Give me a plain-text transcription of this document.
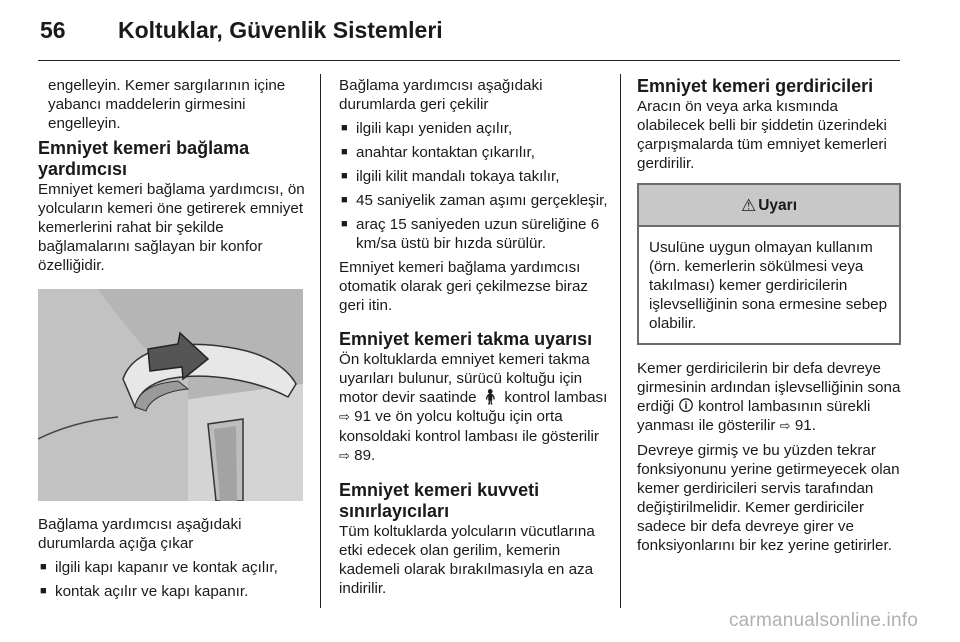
56 Koltuklar, Güvenlik Sistemleri

engelleyin. Kemer sargılarının içine
yabancı maddelerin girmesini
engelleyin.

Emniyet kemeri bağlama yardımcısı

Emniyet kemeri bağlama yardımcısı, ön yolcuların kemeri öne getirerek emniyet kemerlerini rahat bir şekilde bağlamalarını sağlayan bir konfor özelliğidir.

Bağlama yardımcısı aşağıdaki durumlarda açığa çıkar

■ ilgili kapı kapanır ve kontak açılır,
■ kontak açılır ve kapı kapanır.

Bağlama yardımcısı aşağıdaki durumlarda geri çekilir

■ ilgili kapı yeniden açılır,
■ anahtar kontaktan çıkarılır,
■ ilgili kilit mandalı tokaya takılır,
■ 45 saniyelik zaman aşımı gerçekleşir,
■ araç 15 saniyeden uzun süreliğine 6 km/sa üstü bir hızda sürülür.

Emniyet kemeri bağlama yardımcısı otomatik olarak geri çekilmezse biraz geri itin.

Emniyet kemeri takma uyarısı

Ön koltuklarda emniyet kemeri takma uyarıları bulunur, sürücü koltuğu için motor devir saatinde 🧍︎ kontrol lambası ⇨ 91 ve ön yolcu koltuğu için orta konsoldaki kontrol lambası ile gösterilir ⇨ 89.

Emniyet kemeri kuvveti sınırlayıcıları

Tüm koltuklarda yolcuların vücutlarına etki edecek olan gerilim, kemerin kademeli olarak bırakılmasıyla en aza indirilir.

Emniyet kemeri gerdiricileri

Aracın ön veya arka kısmında olabilecek belli bir şiddetin üzerindeki çarpışmalarda tüm emniyet kemerleri gerdirilir.

⚠ Uyarı
Usulüne uygun olmayan kullanım (örn. kemerlerin sökülmesi veya takılması) kemer gerdiricilerin işlevselliğinin sona ermesine sebep olabilir.

Kemer gerdiricilerin bir defa devreye girmesinin ardından işlevselliğinin sona erdiği 🛈︎ kontrol lambasının sürekli yanması ile gösterilir ⇨ 91.

Devreye girmiş ve bu yüzden tekrar fonksiyonunu yerine getirmeyecek olan kemer gerdiricileri servis tarafından değiştirilmelidir. Kemer gerdiriciler sadece bir defa devreye girer ve fonksiyonlarını bir kez yerine getirirler.

carmanualsonline.info
